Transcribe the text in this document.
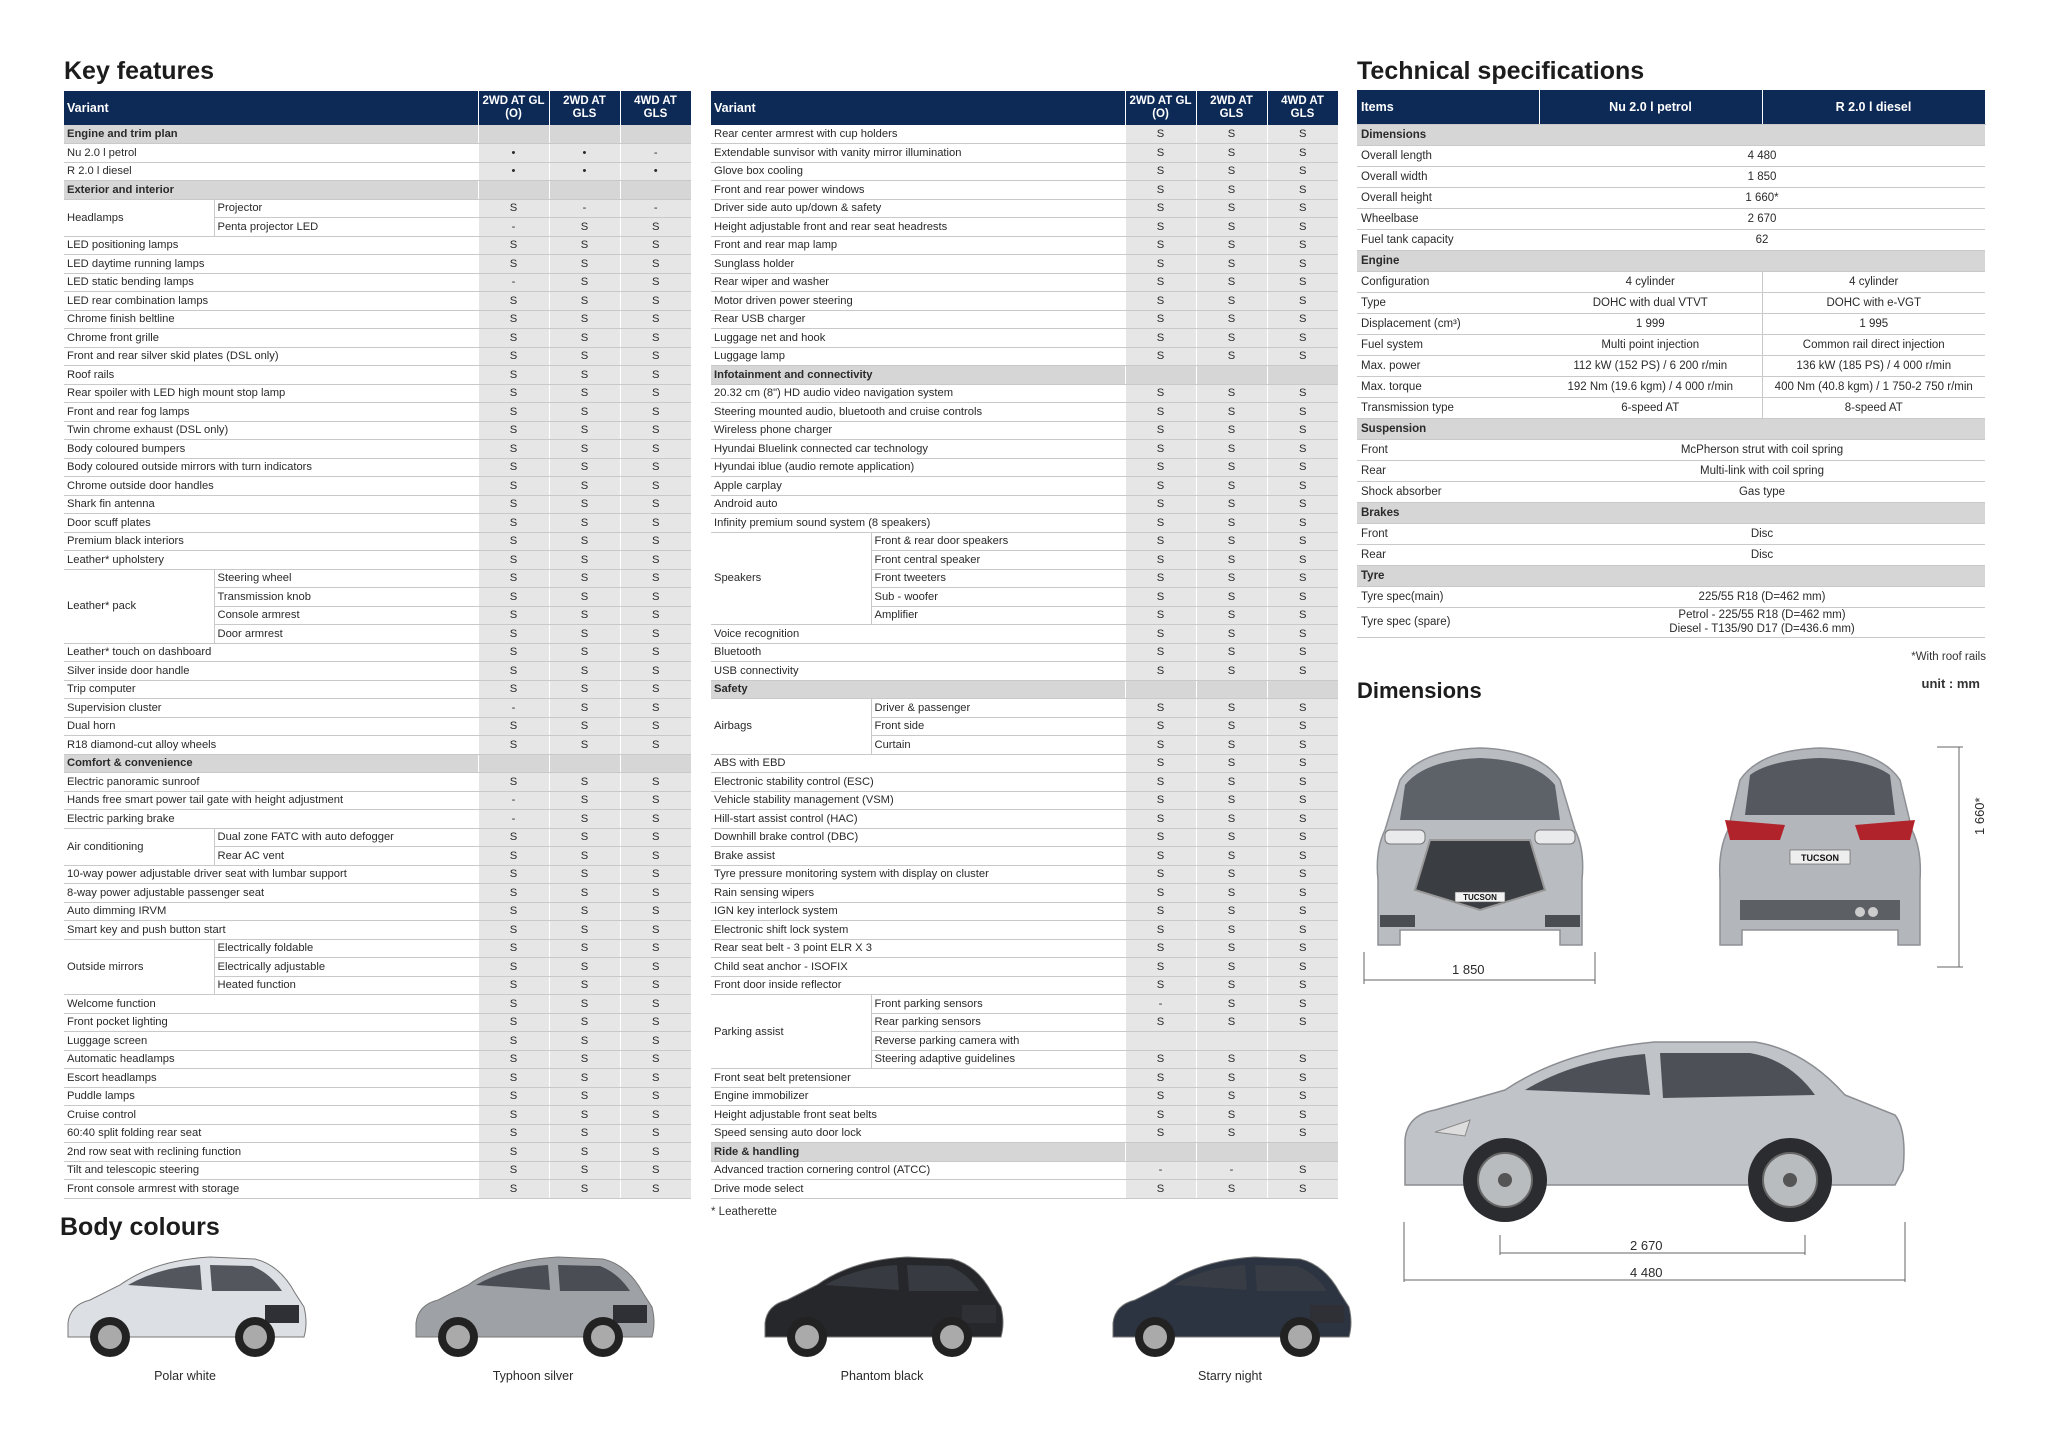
Key features
Variant		2WD AT GL (O)	2WD AT GLS	4WD AT GLS
Engine and trim plan				
Nu 2.0 l petrol		•	•	-
R 2.0 l diesel		•	•	•
Exterior and interior				
Headlamps	Projector	S	-	-
	Penta projector LED	-	S	S
LED positioning lamps		S	S	S
LED daytime running lamps		S	S	S
LED static bending lamps		-	S	S
LED rear combination lamps		S	S	S
Chrome finish beltline		S	S	S
Chrome front grille		S	S	S
Front and rear silver skid plates (DSL only)		S	S	S
Roof rails		S	S	S
Rear spoiler with LED high mount stop lamp		S	S	S
Front and rear fog lamps		S	S	S
Twin chrome exhaust (DSL only)		S	S	S
Body coloured bumpers		S	S	S
Body coloured outside mirrors with turn indicators		S	S	S
Chrome outside door handles		S	S	S
Shark fin antenna		S	S	S
Door scuff plates		S	S	S
Premium black interiors		S	S	S
Leather* upholstery		S	S	S
Leather* pack	Steering wheel	S	S	S
	Transmission knob	S	S	S
	Console armrest	S	S	S
	Door armrest	S	S	S
Leather* touch on dashboard		S	S	S
Silver inside door handle		S	S	S
Trip computer		S	S	S
Supervision cluster		-	S	S
Dual horn		S	S	S
R18 diamond-cut alloy wheels		S	S	S
Comfort & convenience				
Electric panoramic sunroof		S	S	S
Hands free smart power tail gate with height adjustment		-	S	S
Electric parking brake		-	S	S
Air conditioning	Dual zone FATC with auto defogger	S	S	S
	Rear AC vent	S	S	S
10-way power adjustable driver seat with lumbar support		S	S	S
8-way power adjustable passenger seat		S	S	S
Auto dimming IRVM		S	S	S
Smart key and push button start		S	S	S
Outside mirrors	Electrically foldable	S	S	S
	Electrically adjustable	S	S	S
	Heated function	S	S	S
Welcome function		S	S	S
Front pocket lighting		S	S	S
Luggage screen		S	S	S
Automatic headlamps		S	S	S
Escort headlamps		S	S	S
Puddle lamps		S	S	S
Cruise control		S	S	S
60:40 split folding rear seat		S	S	S
2nd row seat with reclining function		S	S	S
Tilt and telescopic steering		S	S	S
Front console armrest with storage		S	S	S
Variant		2WD AT GL (O)	2WD AT GLS	4WD AT GLS
Rear center armrest with cup holders		S	S	S
Extendable sunvisor with vanity mirror illumination		S	S	S
Glove box cooling		S	S	S
Front and rear power windows		S	S	S
Driver side auto up/down & safety		S	S	S
Height adjustable front and rear seat headrests		S	S	S
Front and rear map lamp		S	S	S
Sunglass holder		S	S	S
Rear wiper and washer		S	S	S
Motor driven power steering		S	S	S
Rear USB charger		S	S	S
Luggage net and hook		S	S	S
Luggage lamp		S	S	S
Infotainment and connectivity				
20.32 cm (8") HD audio video navigation system		S	S	S
Steering mounted audio, bluetooth and cruise controls		S	S	S
Wireless phone charger		S	S	S
Hyundai Bluelink connected car technology		S	S	S
Hyundai iblue (audio remote application)		S	S	S
Apple carplay		S	S	S
Android auto		S	S	S
Infinity premium sound system (8 speakers)		S	S	S
Speakers	Front & rear door speakers	S	S	S
	Front central speaker	S	S	S
	Front tweeters	S	S	S
	Sub - woofer	S	S	S
	Amplifier	S	S	S
Voice recognition		S	S	S
Bluetooth		S	S	S
USB connectivity		S	S	S
Safety				
Airbags	Driver & passenger	S	S	S
	Front side	S	S	S
	Curtain	S	S	S
ABS with EBD		S	S	S
Electronic stability control (ESC)		S	S	S
Vehicle stability management (VSM)		S	S	S
Hill-start assist control (HAC)		S	S	S
Downhill brake control (DBC)		S	S	S
Brake assist		S	S	S
Tyre pressure monitoring system with display on cluster		S	S	S
Rain sensing wipers		S	S	S
IGN key interlock system		S	S	S
Electronic shift lock system		S	S	S
Rear seat belt - 3 point ELR X 3		S	S	S
Child seat anchor - ISOFIX		S	S	S
Front door inside reflector		S	S	S
Parking assist	Front parking sensors	-	S	S
	Rear parking sensors	S	S	S
	Reverse parking camera with			
	Steering adaptive guidelines	S	S	S
Front seat belt pretensioner		S	S	S
Engine immobilizer		S	S	S
Height adjustable front seat belts		S	S	S
Speed sensing auto door lock		S	S	S
Ride & handling				
Advanced traction cornering control (ATCC)		-	-	S
Drive mode select		S	S	S
* Leatherette
Technical specifications
Items	Nu 2.0 l petrol	R 2.0 l diesel
Dimensions		
Overall length	4 480	
Overall width	1 850	
Overall height	1 660*	
Wheelbase	2 670	
Fuel tank capacity	62	
Engine		
Configuration	4 cylinder	4 cylinder
Type	DOHC with dual VTVT	DOHC with e-VGT
Displacement (cm³)	1 999	1 995
Fuel system	Multi point injection	Common rail direct injection
Max. power	112 kW (152 PS) / 6 200 r/min	136 kW (185 PS) / 4 000 r/min
Max. torque	192 Nm (19.6 kgm) / 4 000 r/min	400 Nm (40.8 kgm) / 1 750-2 750 r/min
Transmission type	6-speed AT	8-speed AT
Suspension		
Front	McPherson strut with coil spring	
Rear	Multi-link with coil spring	
Shock absorber	Gas type	
Brakes		
Front	Disc	
Rear	Disc	
Tyre		
Tyre spec(main)	225/55 R18 (D=462 mm)	
Tyre spec (spare)	Petrol - 225/55 R18 (D=462 mm)
Diesel - T135/90 D17 (D=436.6 mm)	
*With roof rails
Dimensions	unit : mm
TUCSON
1 850
TUCSON
1 660*
2 670
4 480
Body colours
Polar white	Typhoon silver	Phantom black	Starry night
